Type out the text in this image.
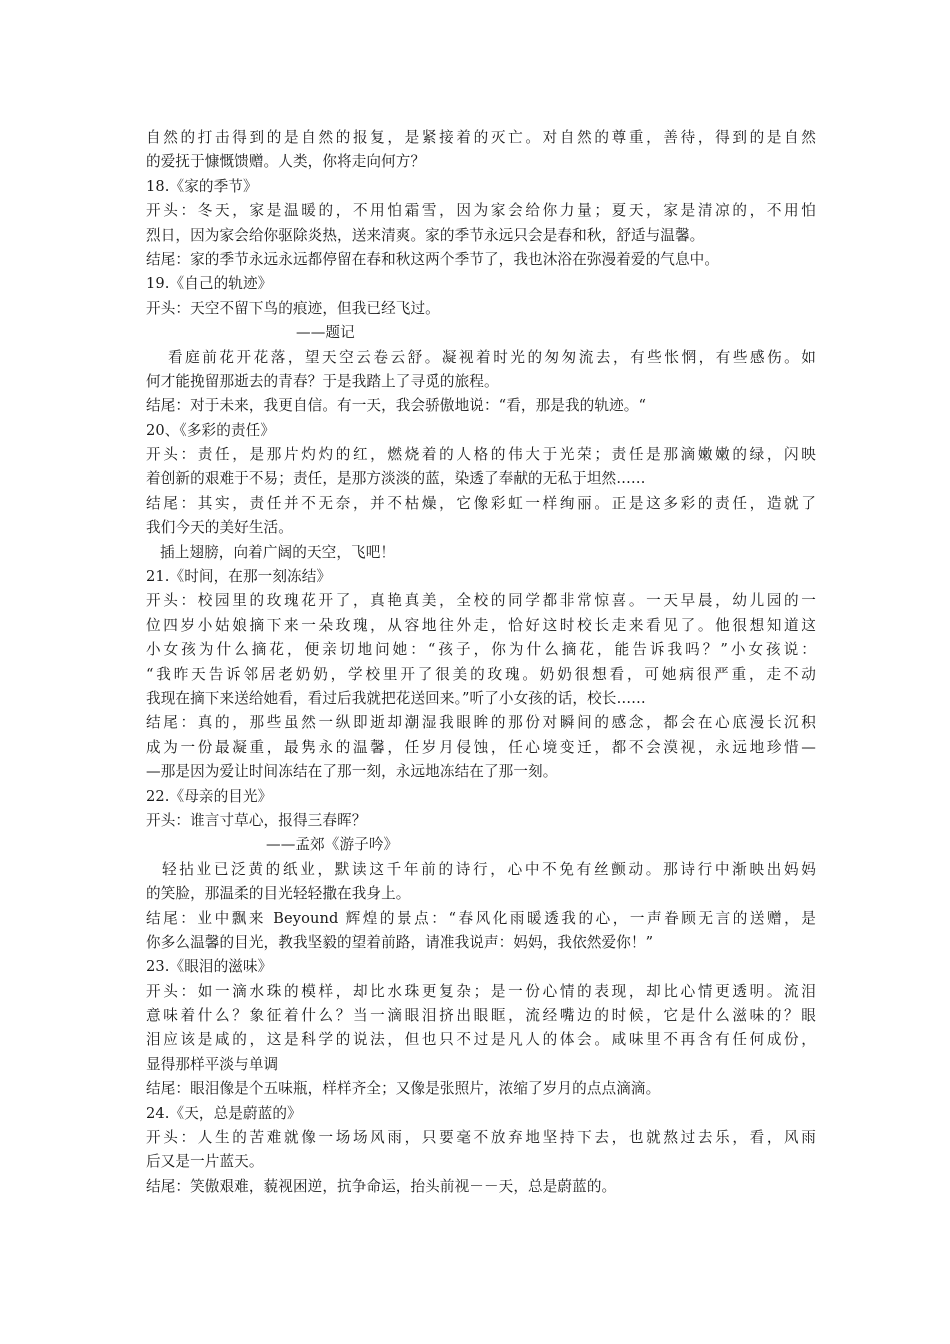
自然的打击得到的是自然的报复，是紧接着的灭亡。对自然的尊重，善待，得到的是自然
的爱抚于慷慨馈赠。人类，你将走向何方？
18.《家的季节》
开头：冬天，家是温暖的，不用怕霜雪，因为家会给你力量；夏天，家是清凉的，不用怕
烈日，因为家会给你驱除炎热，送来清爽。家的季节永远只会是春和秋，舒适与温馨。
结尾：家的季节永远永远都停留在春和秋这两个季节了，我也沐浴在弥漫着爱的气息中。
19.《自己的轨迹》
开头：天空不留下鸟的痕迹，但我已经飞过。
——题记
看庭前花开花落，望天空云卷云舒。凝视着时光的匆匆流去，有些怅惘，有些感伤。如
何才能挽留那逝去的青春？于是我踏上了寻觅的旅程。
结尾：对于未来，我更自信。有一天，我会骄傲地说：“看，那是我的轨迹。“
20、《多彩的责任》
开头：责任，是那片灼灼的红，燃烧着的人格的伟大于光荣；责任是那滴嫩嫩的绿，闪映
着创新的艰难于不易；责任，是那方淡淡的蓝，染透了奉献的无私于坦然……
结尾：其实，责任并不无奈，并不枯燥，它像彩虹一样绚丽。正是这多彩的责任，造就了
我们今天的美好生活。
插上翅膀，向着广阔的天空，飞吧！
21.《时间，在那一刻冻结》
开头：校园里的玫瑰花开了，真艳真美，全校的同学都非常惊喜。一天早晨，幼儿园的一
位四岁小姑娘摘下来一朵玫瑰，从容地往外走，恰好这时校长走来看见了。他很想知道这
小女孩为什么摘花，便亲切地问她：“孩子，你为什么摘花，能告诉我吗？”小女孩说：
“我昨天告诉邻居老奶奶，学校里开了很美的玫瑰。奶奶很想看，可她病很严重，走不动
我现在摘下来送给她看，看过后我就把花送回来。”听了小女孩的话，校长……
结尾：真的，那些虽然一纵即逝却潮湿我眼眸的那份对瞬间的感念，都会在心底漫长沉积
成为一份最凝重，最隽永的温馨，任岁月侵蚀，任心境变迁，都不会漠视，永远地珍惜—
—那是因为爱让时间冻结在了那一刻，永远地冻结在了那一刻。
22.《母亲的目光》
开头：谁言寸草心，报得三春晖？
——孟郊《游子吟》
轻拈业已泛黄的纸业，默读这千年前的诗行，心中不免有丝颤动。那诗行中渐映出妈妈
的笑脸，那温柔的目光轻轻撒在我身上。
结尾：业中飘来 Beyound 辉煌的景点：“春风化雨暖透我的心，一声眷顾无言的送赠，是
你多么温馨的目光，教我坚毅的望着前路，请准我说声：妈妈，我依然爱你！”
23.《眼泪的滋味》
开头：如一滴水珠的模样，却比水珠更复杂；是一份心情的表现，却比心情更透明。流泪
意味着什么？象征着什么？当一滴眼泪挤出眼眶，流经嘴边的时候，它是什么滋味的？眼
泪应该是咸的，这是科学的说法，但也只不过是凡人的体会。咸味里不再含有任何成份，
显得那样平淡与单调
结尾：眼泪像是个五味瓶，样样齐全；又像是张照片，浓缩了岁月的点点滴滴。
24.《天，总是蔚蓝的》
开头：人生的苦难就像一场场风雨，只要毫不放弃地坚持下去，也就熬过去乐，看，风雨
后又是一片蓝天。
结尾：笑傲艰难，藐视困逆，抗争命运，抬头前视－－天，总是蔚蓝的。
